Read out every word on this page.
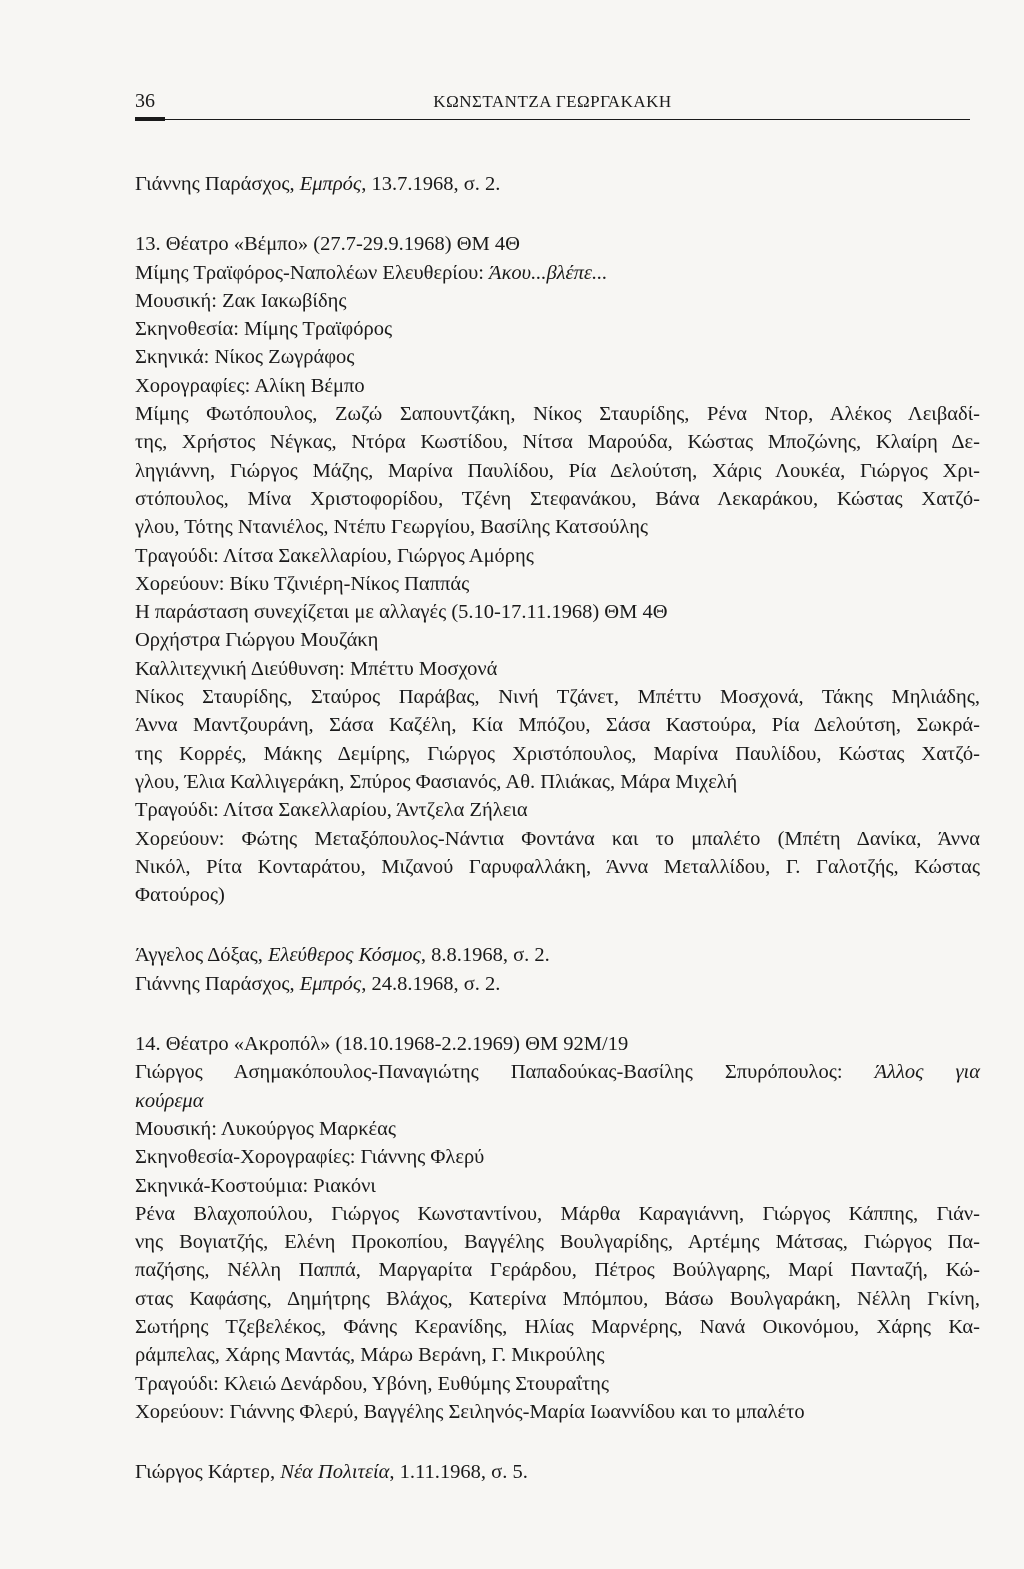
36	ΚΩΝΣΤΑΝΤΖΑ ΓΕΩΡΓΑΚΑΚΗ
Γιάννης Παράσχος, Εμπρός, 13.7.1968, σ. 2.
13. Θέατρο «Βέμπο» (27.7-29.9.1968) ΘΜ 4Θ
Μίμης Τραϊφόρος-Ναπολέων Ελευθερίου: Άκου...βλέπε...
Μουσική: Ζακ Ιακωβίδης
Σκηνοθεσία: Μίμης Τραϊφόρος
Σκηνικά: Νίκος Ζωγράφος
Χορογραφίες: Αλίκη Βέμπο
Μίμης Φωτόπουλος, Ζωζώ Σαπουντζάκη, Νίκος Σταυρίδης, Ρένα Ντορ, Αλέκος Λειβαδί-
της, Χρήστος Νέγκας, Ντόρα Κωστίδου, Νίτσα Μαρούδα, Κώστας Μποζώνης, Κλαίρη Δε-
ληγιάννη, Γιώργος Μάζης, Μαρίνα Παυλίδου, Ρία Δελούτση, Χάρις Λουκέα, Γιώργος Χρι-
στόπουλος, Μίνα Χριστοφορίδου, Τζένη Στεφανάκου, Βάνα Λεκαράκου, Κώστας Χατζό-
γλου, Τότης Ντανιέλος, Ντέπυ Γεωργίου, Βασίλης Κατσούλης
Τραγούδι: Λίτσα Σακελλαρίου, Γιώργος Αμόρης
Χορεύουν: Βίκυ Τζινιέρη-Νίκος Παππάς
Η παράσταση συνεχίζεται με αλλαγές (5.10-17.11.1968) ΘΜ 4Θ
Ορχήστρα Γιώργου Μουζάκη
Καλλιτεχνική Διεύθυνση: Μπέττυ Μοσχονά
Νίκος Σταυρίδης, Σταύρος Παράβας, Νινή Τζάνετ, Μπέττυ Μοσχονά, Τάκης Μηλιάδης,
Άννα Μαντζουράνη, Σάσα Καζέλη, Κία Μπόζου, Σάσα Καστούρα, Ρία Δελούτση, Σωκρά-
της Κορρές, Μάκης Δεμίρης, Γιώργος Χριστόπουλος, Μαρίνα Παυλίδου, Κώστας Χατζό-
γλου, Έλια Καλλιγεράκη, Σπύρος Φασιανός, Αθ. Πλιάκας, Μάρα Μιχελή
Τραγούδι: Λίτσα Σακελλαρίου, Άντζελα Ζήλεια
Χορεύουν: Φώτης Μεταξόπουλος-Νάντια Φοντάνα και το μπαλέτο (Μπέτη Δανίκα, Άννα
Νικόλ, Ρίτα Κονταράτου, Μιζανού Γαρυφαλλάκη, Άννα Μεταλλίδου, Γ. Γαλοτζής, Κώστας
Φατούρος)
Άγγελος Δόξας, Ελεύθερος Κόσμος, 8.8.1968, σ. 2.
Γιάννης Παράσχος, Εμπρός, 24.8.1968, σ. 2.
14. Θέατρο «Ακροπόλ» (18.10.1968-2.2.1969) ΘΜ 92Μ/19
Γιώργος Ασημακόπουλος-Παναγιώτης Παπαδούκας-Βασίλης Σπυρόπουλος: Άλλος για
κούρεμα
Μουσική: Λυκούργος Μαρκέας
Σκηνοθεσία-Χορογραφίες: Γιάννης Φλερύ
Σκηνικά-Κοστούμια: Ριακόνι
Ρένα Βλαχοπούλου, Γιώργος Κωνσταντίνου, Μάρθα Καραγιάννη, Γιώργος Κάππης, Γιάν-
νης Βογιατζής, Ελένη Προκοπίου, Βαγγέλης Βουλγαρίδης, Αρτέμης Μάτσας, Γιώργος Πα-
παζήσης, Νέλλη Παππά, Μαργαρίτα Γεράρδου, Πέτρος Βούλγαρης, Μαρί Πανταζή, Κώ-
στας Καφάσης, Δημήτρης Βλάχος, Κατερίνα Μπόμπου, Βάσω Βουλγαράκη, Νέλλη Γκίνη,
Σωτήρης Τζεβελέκος, Φάνης Κερανίδης, Ηλίας Μαρνέρης, Νανά Οικονόμου, Χάρης Κα-
ράμπελας, Χάρης Μαντάς, Μάρω Βεράνη, Γ. Μικρούλης
Τραγούδι: Κλειώ Δενάρδου, Υβόνη, Ευθύμης Στουραΐτης
Χορεύουν: Γιάννης Φλερύ, Βαγγέλης Σειληνός-Μαρία Ιωαννίδου και το μπαλέτο
Γιώργος Κάρτερ, Νέα Πολιτεία, 1.11.1968, σ. 5.
